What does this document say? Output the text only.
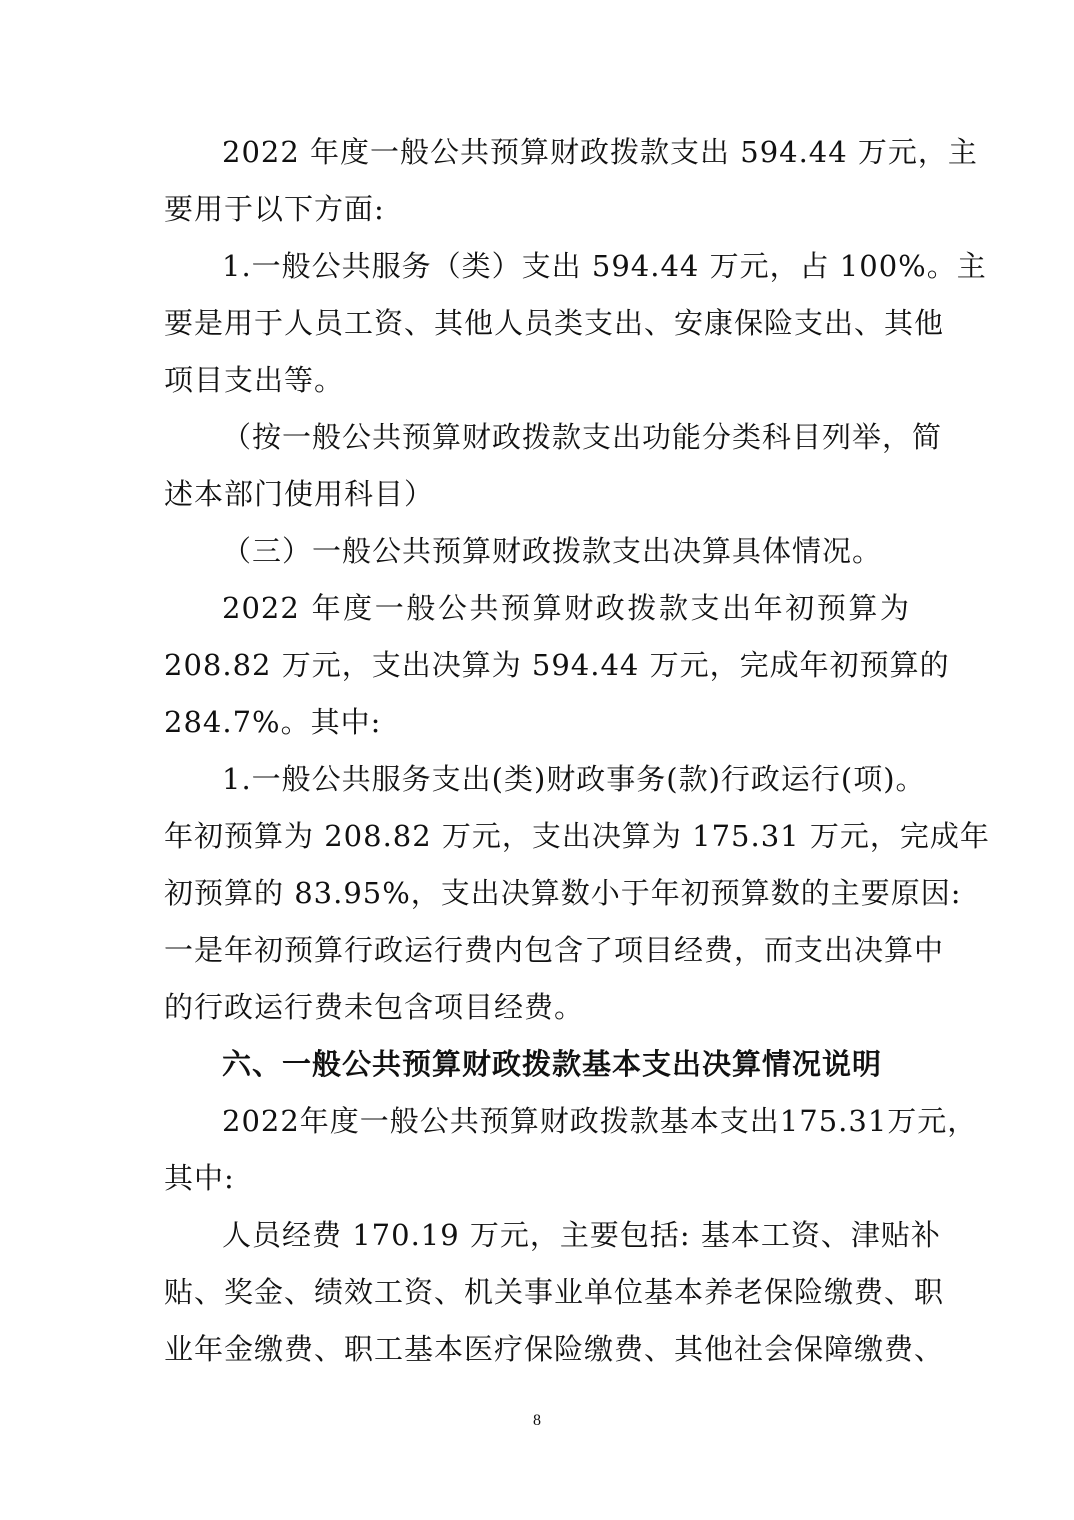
2022 年度一般公共预算财政拨款支出 594.44 万元，主
要用于以下方面:
1.一般公共服务（类）支出 594.44 万元，占 100%。主
要是用于人员工资、其他人员类支出、安康保险支出、其他
项目支出等。
（按一般公共预算财政拨款支出功能分类科目列举，简
述本部门使用科目）
（三）一般公共预算财政拨款支出决算具体情况。
2022 年度一般公共预算财政拨款支出年初预算为
208.82 万元，支出决算为 594.44 万元，完成年初预算的
284.7%。其中:
1.一般公共服务支出(类)财政事务(款)行政运行(项)。
年初预算为 208.82 万元，支出决算为 175.31 万元，完成年
初预算的 83.95%，支出决算数小于年初预算数的主要原因:
一是年初预算行政运行费内包含了项目经费，而支出决算中
的行政运行费未包含项目经费。
六、一般公共预算财政拨款基本支出决算情况说明
2022年度一般公共预算财政拨款基本支出175.31万元，
其中:
人员经费 170.19 万元，主要包括: 基本工资、津贴补
贴、奖金、绩效工资、机关事业单位基本养老保险缴费、职
业年金缴费、职工基本医疗保险缴费、其他社会保障缴费、
8
